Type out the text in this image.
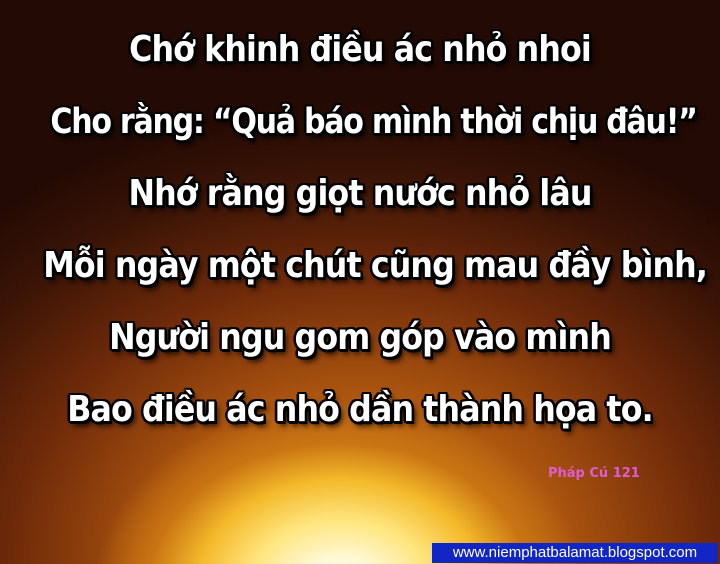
Chớ khinh điều ác nhỏ nhoi
Cho rằng: “Quả báo mình thời chịu đâu!”
Nhớ rằng giọt nước nhỏ lâu
Mỗi ngày một chút cũng mau đầy bình,
Người ngu gom góp vào mình
Bao điều ác nhỏ dần thành họa to.
Pháp Cú 121
www.niemphatbalamat.blogspot.com
